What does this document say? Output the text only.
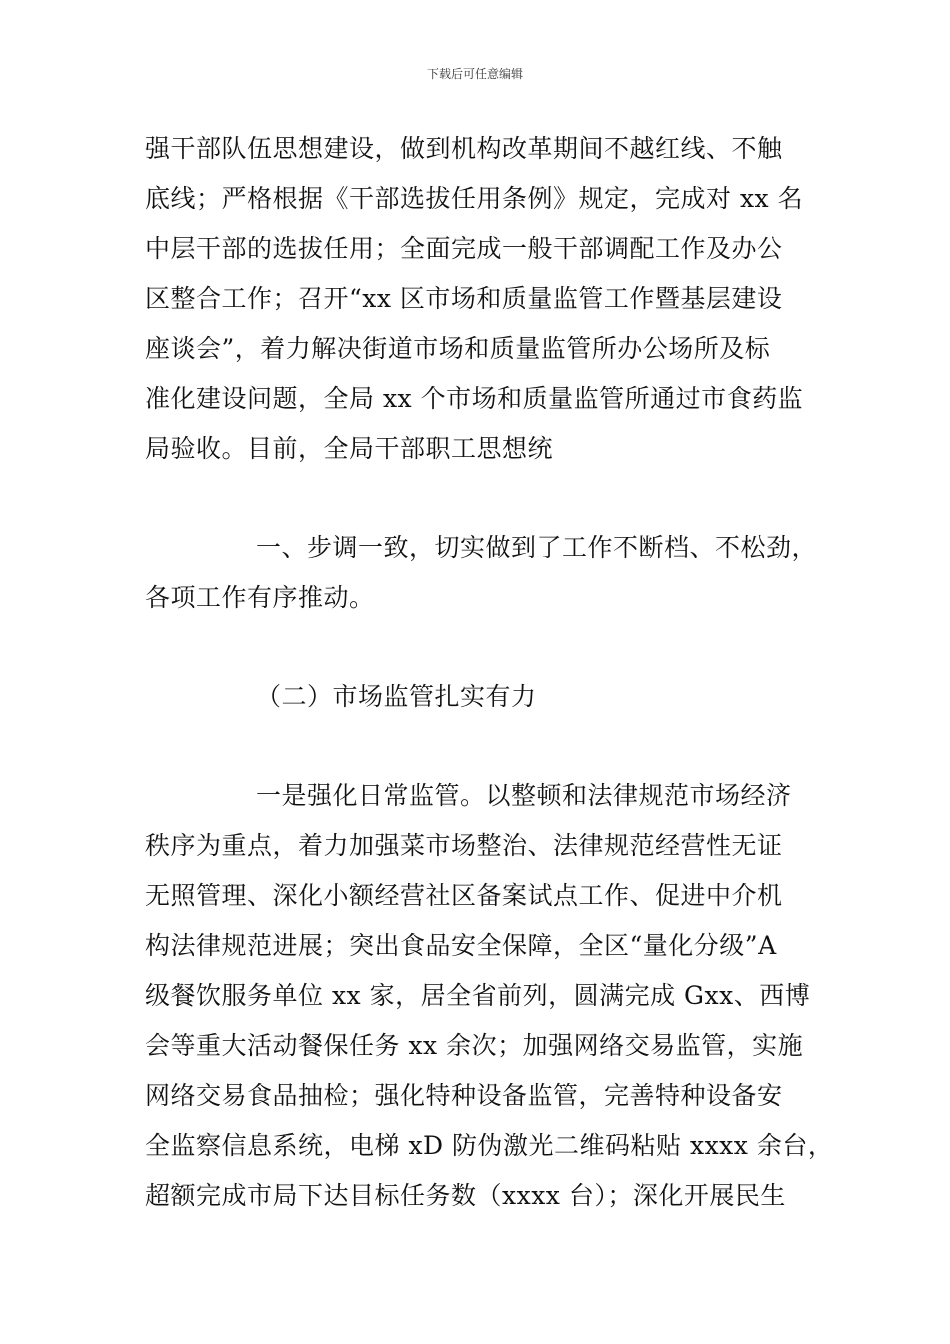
下载后可任意编辑
强干部队伍思想建设，做到机构改革期间不越红线、不触
底线；严格根据《干部选拔任用条例》规定，完成对 xx 名
中层干部的选拔任用；全面完成一般干部调配工作及办公
区整合工作；召开“xx 区市场和质量监管工作暨基层建设
座谈会”，着力解决街道市场和质量监管所办公场所及标
准化建设问题，全局 xx 个市场和质量监管所通过市食药监
局验收。目前，全局干部职工思想统
一、步调一致，切实做到了工作不断档、不松劲，
各项工作有序推动。
（二）市场监管扎实有力
一是强化日常监管。以整顿和法律规范市场经济
秩序为重点，着力加强菜市场整治、法律规范经营性无证
无照管理、深化小额经营社区备案试点工作、促进中介机
构法律规范进展；突出食品安全保障，全区“量化分级”A
级餐饮服务单位 xx 家，居全省前列，圆满完成 Gxx、西博
会等重大活动餐保任务 xx 余次；加强网络交易监管，实施
网络交易食品抽检；强化特种设备监管，完善特种设备安
全监察信息系统，电梯 xD 防伪激光二维码粘贴 xxxx 余台，
超额完成市局下达目标任务数（xxxx 台）；深化开展民生
